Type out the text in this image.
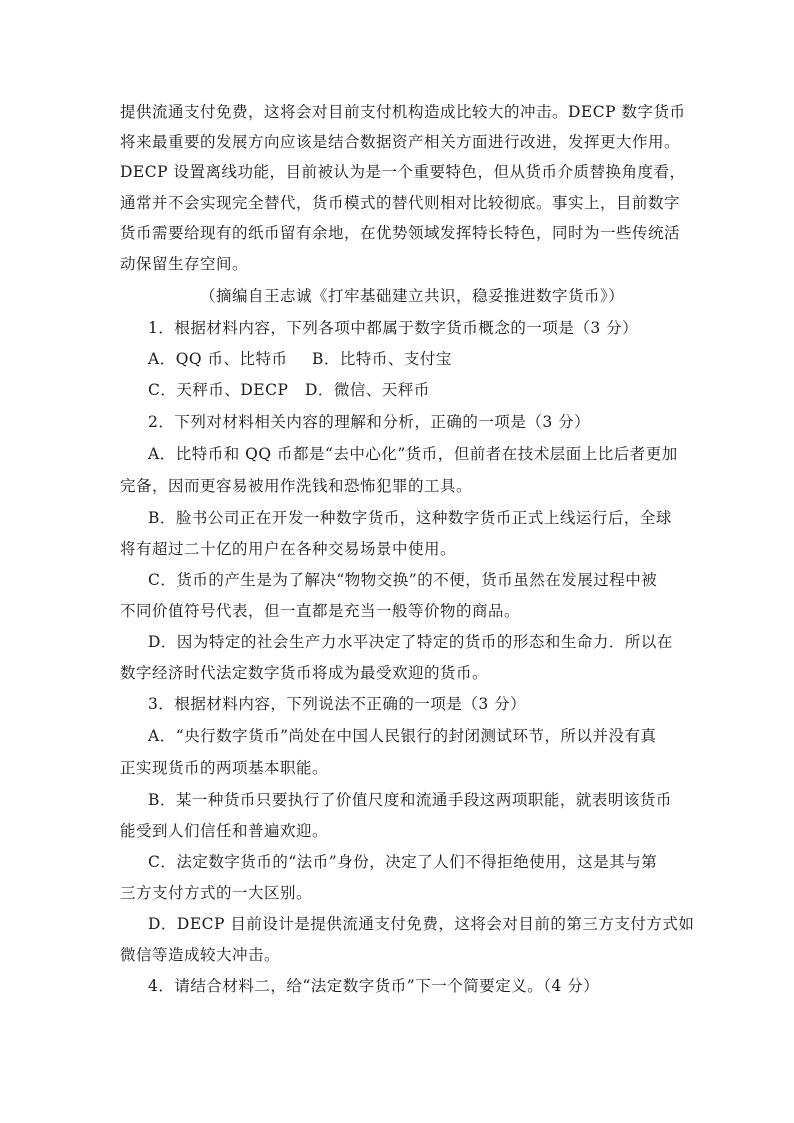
提供流通支付免费，这将会对目前支付机构造成比较大的冲击。DECP 数字货币
将来最重要的发展方向应该是结合数据资产相关方面进行改进，发挥更大作用。
DECP 设置离线功能，目前被认为是一个重要特色，但从货币介质替换角度看，
通常并不会实现完全替代，货币模式的替代则相对比较彻底。事实上，目前数字
货币需要给现有的纸币留有余地，在优势领域发挥特长特色，同时为一些传统活
动保留生存空间。
（摘编自王志诚《打牢基础建立共识，稳妥推进数字货币》）
1．根据材料内容，下列各项中都属于数字货币概念的一项是（3 分）
A．QQ 币、比特币 B．比特币、支付宝
C．天秤币、DECP D．微信、天秤币
2．下列对材料相关内容的理解和分析，正确的一项是（3 分）
A．比特币和 QQ 币都是“去中心化”货币，但前者在技术层面上比后者更加
完备，因而更容易被用作洗钱和恐怖犯罪的工具。
B．脸书公司正在开发一种数字货币，这种数字货币正式上线运行后，全球
将有超过二十亿的用户在各种交易场景中使用。
C．货币的产生是为了解决“物物交换”的不便，货币虽然在发展过程中被
不同价值符号代表，但一直都是充当一般等价物的商品。
D．因为特定的社会生产力水平决定了特定的货币的形态和生命力．所以在
数字经济时代法定数字货币将成为最受欢迎的货币。
3．根据材料内容，下列说法不正确的一项是（3 分）
A．“央行数字货币”尚处在中国人民银行的封闭测试环节，所以并没有真
正实现货币的两项基本职能。
B．某一种货币只要执行了价值尺度和流通手段这两项职能，就表明该货币
能受到人们信任和普遍欢迎。
C．法定数字货币的“法币”身份，决定了人们不得拒绝使用，这是其与第
三方支付方式的一大区别。
D．DECP 目前设计是提供流通支付免费，这将会对目前的第三方支付方式如
微信等造成较大冲击。
4．请结合材料二，给“法定数字货币”下一个简要定义。（4 分）
